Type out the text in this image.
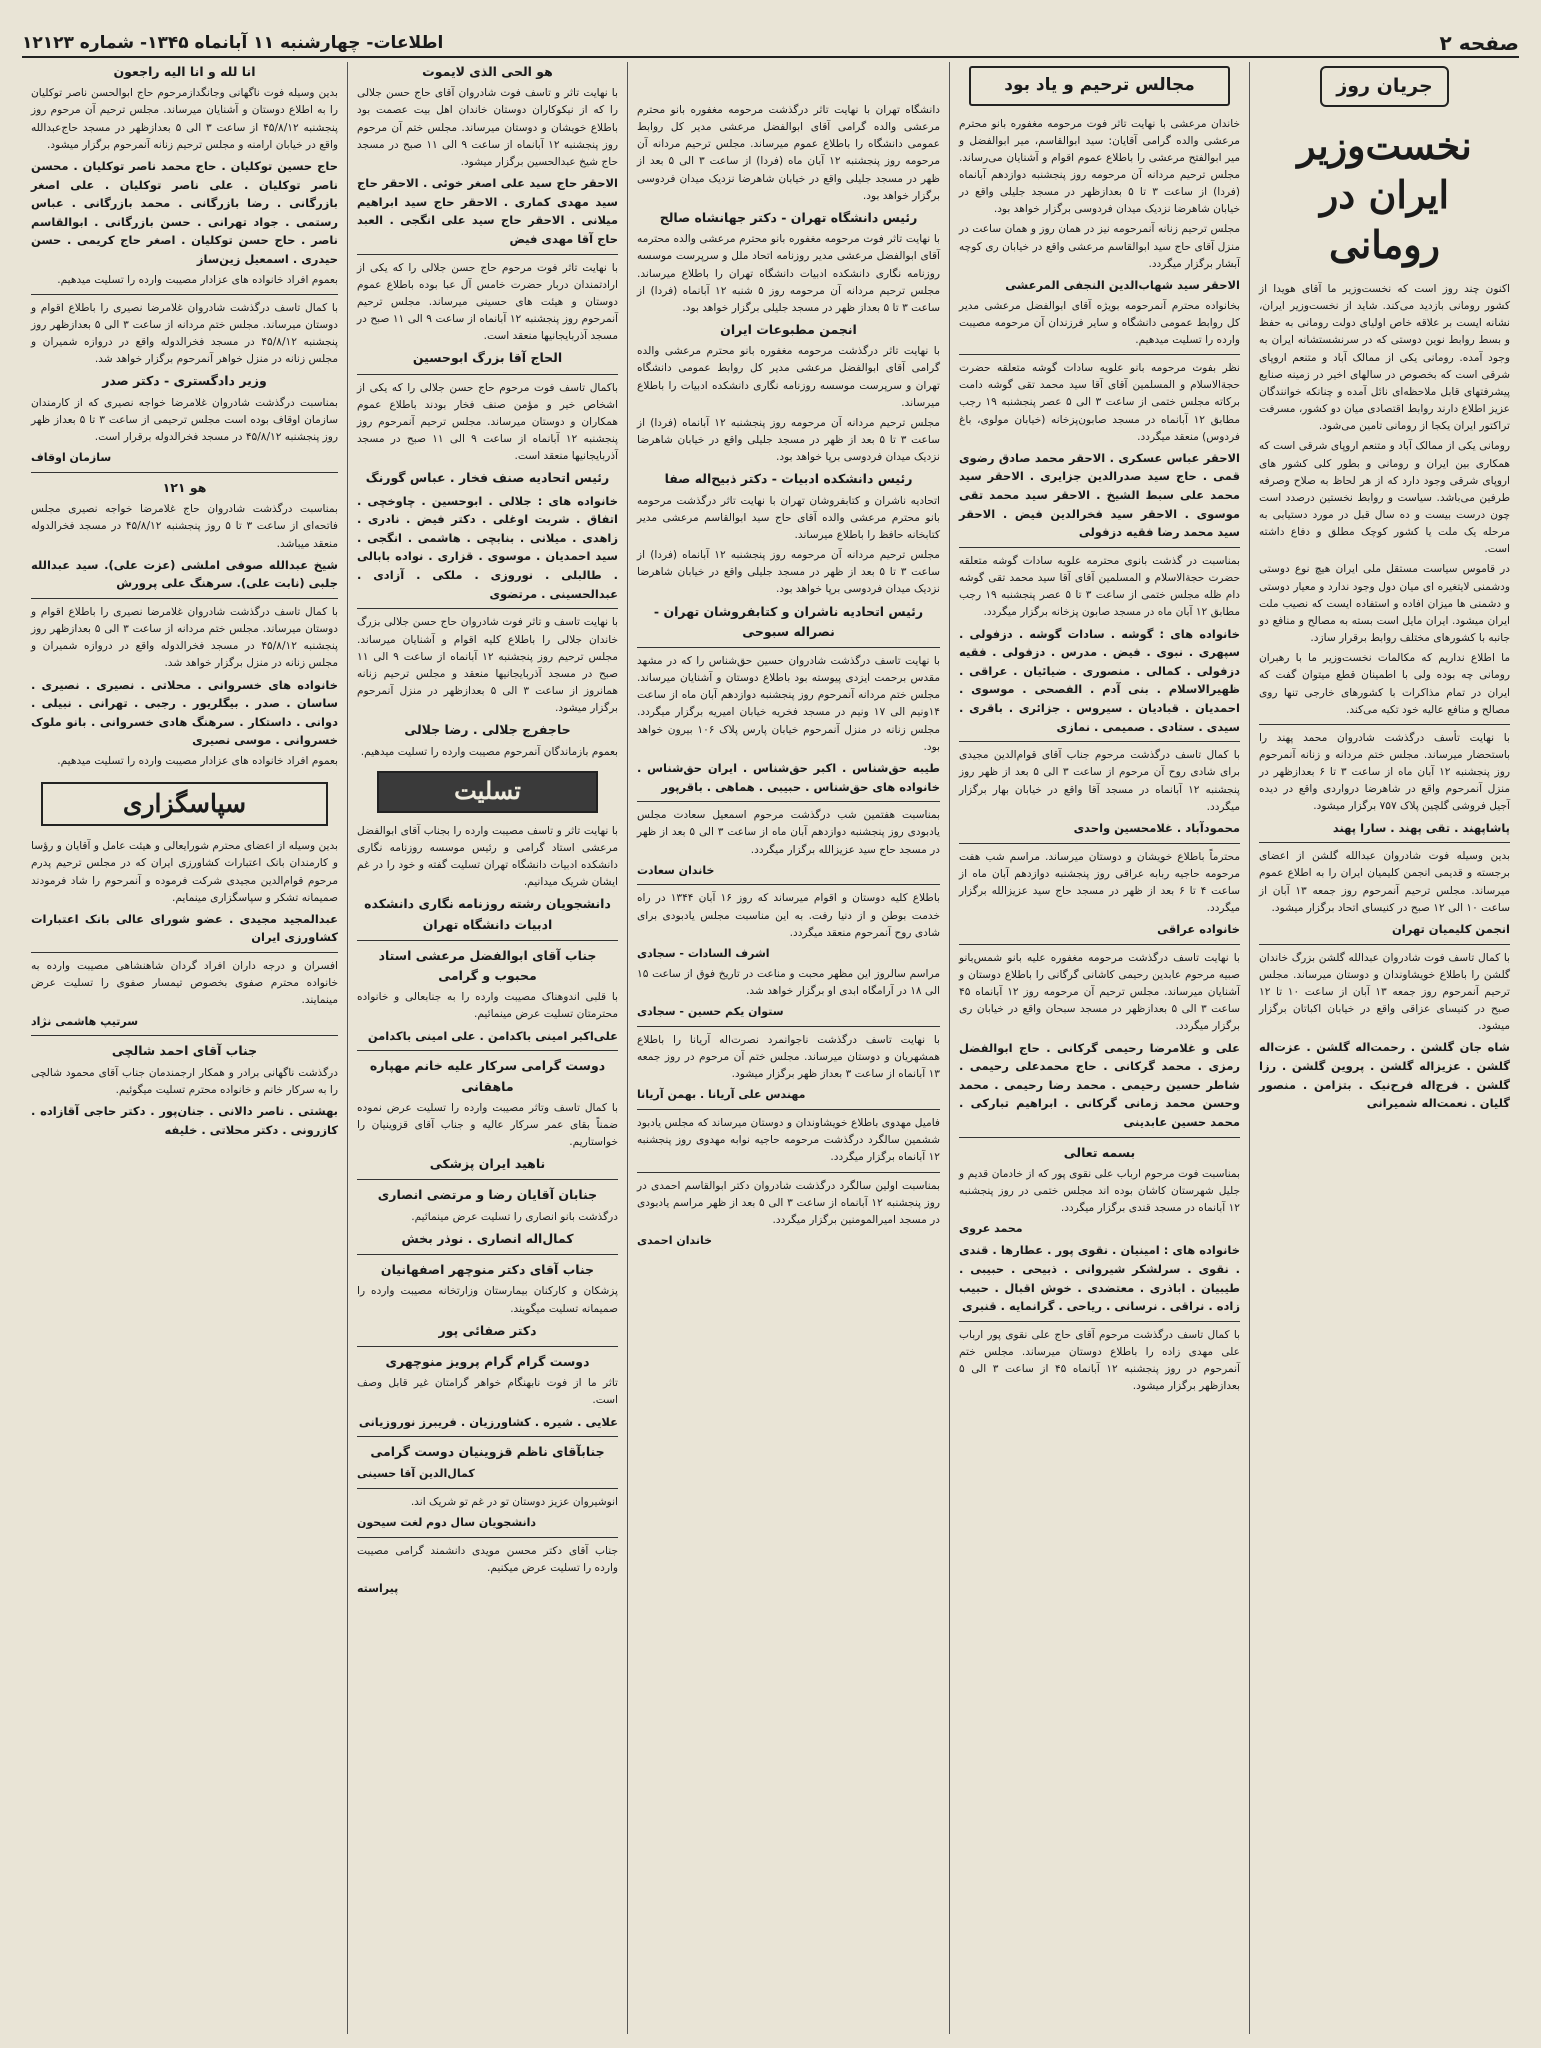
صفحه ۲
اطلاعات- چهارشنبه ۱۱ آبانماه ۱۳۴۵- شماره ۱۲۱۲۳
جریان روز
نخست‌وزیر ایران در رومانی

اکنون چند روز است که نخست‌وزیر ما آقای هویدا از کشور رومانی بازدید می‌کند. شاید از نخست‌وزیر ایران، نشانه ایست بر علاقه خاص اولیای دولت رومانی به حفظ و بسط روابط نوین دوستی که در سرنشستشانه ایران به وجود آمده. رومانی یکی از ممالک آباد و متنعم اروپای شرقی است که بخصوص در سالهای اخیر در زمینه صنایع پیشرفتهای قابل ملاحظه‌ای نائل آمده و چنانکه خوانندگان عزیز اطلاع دارند روابط اقتصادی میان دو کشور، مسرفت تراکتور ایران یکجا از رومانی تامین می‌شود.

رومانی یکی از ممالک آباد و متنعم اروپای شرقی است که همکاری بین ایران و رومانی و بطور کلی کشور های اروپای شرقی وجود دارد که از هر لحاظ به صلاح وصرفه طرفین می‌باشد. سیاست و روابط نخستین درصدد است چون درست بیست و ده سال قبل در مورد دستیابی به مرحله یک ملت یا کشور کوچک مطلق و دفاع داشته است.

در قاموس سیاست مستقل ملی ایران هیچ نوع دوستی ودشمنی لایتغیره ای میان دول وجود ندارد و معیار دوستی و دشمنی ها میزان افاده و استفاده ایست که نصیب ملت ایران میشود. ایران مایل است بسته به مصالح و منافع دو جانبه با کشورهای مختلف روابط برقرار سازد.

ما اطلاع نداریم که مکالمات نخست‌وزیر ما با رهبران رومانی چه بوده ولی با اطمینان قطع میتوان گفت که ایران در تمام مذاکرات با کشورهای خارجی تنها روی مصالح و منافع عالیه خود تکیه می‌کند.

با نهایت تأسف درگذشت شادروان محمد پهند را باستحضار میرساند. مجلس ختم مردانه و زنانه آنمرحوم روز پنجشنبه ۱۲ آبان ماه از ساعت ۳ تا ۶ بعدازظهر در منزل آنمرحوم واقع در شاهرضا درواردی واقع در دیده آجیل فروشی گلچین پلاک ۷۵۷ برگزار میشود.

پاشاپهند . تقی پهند . سارا پهند

بدین وسیله فوت شادروان عبدالله گلشن از اعضای برجسته و قدیمی انجمن کلیمیان ایران را به اطلاع عموم میرساند. مجلس ترحیم آنمرحوم روز جمعه ۱۳ آبان از ساعت ۱۰ الی ۱۲ صبح در کنیسای اتحاد برگزار میشود.

انجمن کلیمیان تهران

با کمال تاسف فوت شادروان عبدالله گلشن بزرگ خاندان گلشن را باطلاع خویشاوندان و دوستان میرساند. مجلس ترحیم آنمرحوم روز جمعه ۱۳ آبان از ساعت ۱۰ تا ۱۲ صبح در کنیسای عزاقی واقع در خیابان اکباتان برگزار میشود.

شاه جان گلشن . رحمت‌اله گلشن . عزت‌اله گلشن . عزیزاله گلشن . پروین گلشن . رزا گلشن . فرج‌اله فرح‌نیک . بتزامن . منصور گلیان . نعمت‌اله شمیرانی

مجالس ترحیم و یاد بود

خاندان مرعشی با نهایت تاثر فوت مرحومه مغفوره بانو محترم مرعشی والده گرامی آقایان: سید ابوالقاسم، میر ابوالفضل و میر ابوالفتح مرعشی را باطلاع عموم اقوام و آشنایان می‌رساند. مجلس ترحیم مردانه آن مرحومه روز پنجشنبه دوازدهم آبانماه (فردا) از ساعت ۳ تا ۵ بعدازظهر در مسجد جلیلی واقع در خیابان شاهرضا نزدیک میدان فردوسی برگزار خواهد بود.

مجلس ترحیم زنانه آنمرحومه نیز در همان روز و همان ساعت در منزل آقای حاج سید ابوالقاسم مرعشی واقع در خیابان ری کوچه آبشار برگزار میگردد.

الاحقر سید شهاب‌الدین النجفی المرعشی

بخانواده محترم آنمرحومه بویژه آقای ابوالفضل مرعشی مدیر کل روابط عمومی دانشگاه و سایر فرزندان آن مرحومه مصیبت وارده را تسلیت میدهیم.

نظر بفوت مرحومه بانو علویه سادات گوشه متعلقه حضرت حجة‌الاسلام و المسلمین آقای آقا سید محمد تقی گوشه دامت برکاته مجلس ختمی از ساعت ۳ الی ۵ عصر پنجشنبه ۱۹ رجب مطابق ۱۲ آبانماه در مسجد صابون‌پزخانه (خیابان مولوی، باغ فردوس) منعقد میگردد.

الاحقر عباس عسکری . الاحقر محمد صادق رضوی قمی . حاج سید صدرالدین جزایری . الاحقر سید محمد علی سبط الشیخ . الاحقر سید محمد تقی موسوی . الاحقر سید فخرالدین فیض . الاحقر سید محمد رضا فقیه دزفولی

بمناسبت در گذشت بانوی محترمه علویه سادات گوشه متعلقه حضرت حجة‌الاسلام و المسلمین آقای آقا سید محمد تقی گوشه دام ظله مجلس ختمی از ساعت ۳ تا ۵ عصر پنجشنبه ۱۹ رجب مطابق ۱۲ آبان ماه در مسجد صابون پزخانه برگزار میگردد.

خانواده های : گوشه . سادات گوشه . دزفولی . سپهری . نبوی . فیض . مدرس . دزفولی . فقیه دزفولی . کمالی . منصوری . ضیائیان . عراقی . ظهیرالاسلام . بنی آدم . الفصحی . موسوی . احمدیان . قبادیان . سیروس . جزائری . باقری . سیدی . ستادی . صمیمی . نمازی

با کمال تاسف درگذشت مرحوم جناب آقای قوام‌الدین مجیدی برای شادی روح آن مرحوم از ساعت ۳ الی ۵ بعد از ظهر روز پنجشنبه ۱۲ آبانماه در مسجد آقا واقع در خیابان بهار برگزار میگردد.

محمودآباد . غلامحسین واحدی

محترماً باطلاع خویشان و دوستان میرساند. مراسم شب هفت مرحومه حاجیه ربابه عراقی روز پنجشنبه دوازدهم آبان ماه از ساعت ۴ تا ۶ بعد از ظهر در مسجد حاج سید عزیزالله برگزار میگردد.

خانواده عراقی

با نهایت تاسف درگذشت مرحومه مغفوره علیه بانو شمس‌بانو صبیه مرحوم عابدین رحیمی کاشانی گرگانی را باطلاع دوستان و آشنایان میرساند. مجلس ترحیم آن مرحومه روز ۱۲ آبانماه ۴۵ ساعت ۳ الی ۵ بعدازظهر در مسجد سبحان واقع در خیابان ری برگزار میگردد.

علی و غلامرضا رحیمی گرکانی . حاج ابوالفضل رمزی . محمد گرکانی . حاج محمدعلی رحیمی . شاطر حسین رحیمی . محمد رضا رحیمی . محمد وحسن محمد زمانی گرکانی . ابراهیم تبارکی . محمد حسین عابدینی

بسمه تعالی

بمناسبت فوت مرحوم ارباب علی نقوی پور که از خادمان قدیم و جلیل شهرستان کاشان بوده اند مجلس ختمی در روز پنجشنبه ۱۲ آبانماه در مسجد قندی برگزار میگردد.

محمد عروی

خانواده های : امینیان . نقوی پور . عطارها . قندی . نقوی . سرلشکر شیروانی . ذبیحی . حبیبی . طیبیان . اباذری . معتضدی . خوش اقبال . حبیب زاده . نراقی . نرسانی . ریاحی . گرانمایه . قنبری

با کمال تاسف درگذشت مرحوم آقای حاج علی نقوی پور ارباب علی مهدی زاده را باطلاع دوستان میرساند. مجلس ختم آنمرحوم در روز پنجشنبه ۱۲ آبانماه ۴۵ از ساعت ۳ الی ۵ بعدازظهر برگزار میشود.

دانشگاه تهران با نهایت تاثر درگذشت مرحومه مغفوره بانو محترم مرعشی والده گرامی آقای ابوالفضل مرعشی مدیر کل روابط عمومی دانشگاه را باطلاع عموم میرساند. مجلس ترحیم مردانه آن مرحومه روز پنجشنبه ۱۲ آبان ماه (فردا) از ساعت ۳ الی ۵ بعد از ظهر در مسجد جلیلی واقع در خیابان شاهرضا نزدیک میدان فردوسی برگزار خواهد بود.

رئیس دانشگاه تهران - دکتر جهانشاه صالح

با نهایت تاثر فوت مرحومه مغفوره بانو محترم مرعشی والده محترمه آقای ابوالفضل مرعشی مدیر روزنامه اتحاد ملل و سرپرست موسسه روزنامه نگاری دانشکده ادبیات دانشگاه تهران را باطلاع میرساند. مجلس ترحیم مردانه آن مرحومه روز ۵ شنبه ۱۲ آبانماه (فردا) از ساعت ۳ تا ۵ بعداز ظهر در مسجد جلیلی برگزار خواهد بود.

انجمن مطبوعات ایران

با نهایت تاثر درگذشت مرحومه مغفوره بانو محترم مرعشی والده گرامی آقای ابوالفضل مرعشی مدیر کل روابط عمومی دانشگاه تهران و سرپرست موسسه روزنامه نگاری دانشکده ادبیات را باطلاع میرساند.

مجلس ترحیم مردانه آن مرحومه روز پنجشنبه ۱۲ آبانماه (فردا) از ساعت ۳ تا ۵ بعد از ظهر در مسجد جلیلی واقع در خیابان شاهرضا نزدیک میدان فردوسی برپا خواهد بود.

رئیس دانشکده ادبیات - دکتر ذبیح‌اله صفا

اتحادیه ناشران و کتابفروشان تهران با نهایت تاثر درگذشت مرحومه بانو محترم مرعشی والده آقای حاج سید ابوالقاسم مرعشی مدیر کتابخانه حافظ را باطلاع میرساند.

مجلس ترحیم مردانه آن مرحومه روز پنجشنبه ۱۲ آبانماه (فردا) از ساعت ۳ تا ۵ بعد از ظهر در مسجد جلیلی واقع در خیابان شاهرضا نزدیک میدان فردوسی برپا خواهد بود.

رئیس اتحادیه ناشران و کتابفروشان تهران - نصراله سبوحی

با نهایت تاسف درگذشت شادروان حسین حق‌شناس را که در مشهد مقدس برحمت ایزدی پیوسته بود باطلاع دوستان و آشنایان میرساند. مجلس ختم مردانه آنمرحوم روز پنجشنبه دوازدهم آبان ماه از ساعت ۱۴ونیم الی ۱۷ ونیم در مسجد فخریه خیابان امیریه برگزار میگردد. مجلس زنانه در منزل آنمرحوم خیابان پارس پلاک ۱۰۶ بیرون خواهد بود.

طیبه حق‌شناس . اکبر حق‌شناس . ایران حق‌شناس . خانواده های حق‌شناس . حبیبی . هماهی . باقرپور

بمناسبت هفتمین شب درگذشت مرحوم اسمعیل سعادت مجلس یادبودی روز پنجشنبه دوازدهم آبان ماه از ساعت ۳ الی ۵ بعد از ظهر در مسجد حاج سید عزیزالله برگزار میگردد.

خاندان سعادت

باطلاع کلیه دوستان و اقوام میرساند که روز ۱۶ آبان ۱۳۴۴ در راه خدمت بوطن و از دنیا رفت. به این مناسبت مجلس یادبودی برای شادی روح آنمرحوم منعقد میگردد.

اشرف السادات - سجادی

مراسم سالروز این مظهر محبت و مناعت در تاریخ فوق از ساعت ۱۵ الی ۱۸ در آرامگاه ابدی او برگزار خواهد شد.

ستوان یکم حسین - سجادی

با نهایت تاسف درگذشت ناجوانمرد نصرت‌اله آریانا را باطلاع همشهریان و دوستان میرساند. مجلس ختم آن مرحوم در روز جمعه ۱۳ آبانماه از ساعت ۳ بعداز ظهر برگزار میشود.

مهندس علی آریانا . بهمن آریانا

فامیل مهدوی باطلاع خویشاوندان و دوستان میرساند که مجلس یادبود ششمین سالگرد درگذشت مرحومه حاجیه نوابه مهدوی روز پنجشنبه ۱۲ آبانماه برگزار میگردد.

بمناسبت اولین سالگرد درگذشت شادروان دکتر ابوالقاسم احمدی در روز پنجشنبه ۱۲ آبانماه از ساعت ۳ الی ۵ بعد از ظهر مراسم یادبودی در مسجد امیرالمومنین برگزار میگردد.

خاندان احمدی

هو الحی الذی لایموت

با نهایت تاثر و تاسف فوت شادروان آقای حاج حسن جلالی را که از نیکوکاران دوستان خاندان اهل بیت عصمت بود باطلاع خویشان و دوستان میرساند. مجلس ختم آن مرحوم روز پنجشنبه ۱۲ آبانماه از ساعت ۹ الی ۱۱ صبح در مسجد حاج شیخ عبدالحسین برگزار میشود.

الاحقر حاج سید علی اصغر خوئی . الاحقر حاج سید مهدی کماری . الاحقر حاج سید ابراهیم میلانی . الاحقر حاج سید علی انگجی . العبد حاج آقا مهدی فیض

با نهایت تاثر فوت مرحوم حاج حسن جلالی را که یکی از ارادتمندان دربار حضرت خامس آل عبا بوده باطلاع عموم دوستان و هیئت های حسینی میرساند. مجلس ترحیم آنمرحوم روز پنجشنبه ۱۲ آبانماه از ساعت ۹ الی ۱۱ صبح در مسجد آذربایجانیها منعقد است.

الحاج آقا بزرگ ابوحسین

باکمال تاسف فوت مرحوم حاج حسن جلالی را که یکی از اشخاص خیر و مؤمن صنف فخار بودند باطلاع عموم همکاران و دوستان میرساند. مجلس ترحیم آنمرحوم روز پنجشنبه ۱۲ آبانماه از ساعت ۹ الی ۱۱ صبح در مسجد آذربایجانیها منعقد است.

رئیس اتحادیه صنف فخار . عباس گورنگ

خانواده های : جلالی . ابوحسین . چاوخچی . اتفاق . شربت اوغلی . دکتر فیض . نادری . زاهدی . میلانی . بنابچی . هاشمی . انگجی . سید احمدیان . موسوی . قزاری . نواده بابالی . طالبلی . نوروزی . ملکی . آزادی . عبدالحسینی . مرتضوی

با نهایت تاسف و تاثر فوت شادروان حاج حسن جلالی بزرگ خاندان جلالی را باطلاع کلیه اقوام و آشنایان میرساند. مجلس ترحیم روز پنجشنبه ۱۲ آبانماه از ساعت ۹ الی ۱۱ صبح در مسجد آذربایجانیها منعقد و مجلس ترحیم زنانه همانروز از ساعت ۳ الی ۵ بعدازظهر در منزل آنمرحوم برگزار میشود.

حاجفرج جلالی . رضا جلالی

بعموم بازماندگان آنمرحوم مصیبت وارده را تسلیت میدهیم.

تسلیت

با نهایت تاثر و تاسف مصیبت وارده را بجناب آقای ابوالفضل مرعشی استاد گرامی و رئیس موسسه روزنامه نگاری دانشکده ادبیات دانشگاه تهران تسلیت گفته و خود را در غم ایشان شریک میدانیم.

دانشجویان رشته روزنامه نگاری دانشکده ادبیات دانشگاه تهران

جناب آقای ابوالفضل مرعشی استاد محبوب و گرامی

با قلبی اندوهناک مصیبت وارده را به جنابعالی و خانواده محترمتان تسلیت عرض مینمائیم.

علی‌اکبر امینی باکدامن . علی امینی باکدامن

دوست گرامی سرکار علیه خانم مهپاره ماهقانی

با کمال تاسف وتاثر مصیبت وارده را تسلیت عرض نموده ضمناً بقای عمر سرکار عالیه و جناب آقای قزوینیان را خواستاریم.

ناهید ایران پزشکی

جنابان آقایان رضا و مرتضی انصاری

درگذشت بانو انصاری را تسلیت عرض مینمائیم.

کمال‌اله انصاری . نوذر بخش

جناب آقای دکتر منوچهر اصفهانیان

پزشکان و کارکنان بیمارستان وزارتخانه مصیبت وارده را صمیمانه تسلیت میگویند.

دکتر صفائی پور

دوست گرام گرام پرویز منوچهری

تاثر ما از فوت نابهنگام خواهر گرامتان غیر قابل وصف است.

علایی . شیره . کشاورزیان . فریبرز نوروزیانی

جنابآقای ناظم قزوینیان دوست گرامی

کمال‌الدین آقا حسینی

انوشیروان عزیز دوستان تو در غم تو شریک اند.

دانشجویان سال دوم لغت سیحون

جناب آقای دکتر محسن مویدی دانشمند گرامی مصیبت وارده را تسلیت عرض میکنیم.

پیراسته

انا لله و انا الیه راجعون

بدین وسیله فوت ناگهانی وجانگدازمرحوم حاج ابوالحسن ناصر توکلیان را به اطلاع دوستان و آشنایان میرساند. مجلس ترحیم آن مرحوم روز پنجشنبه ۴۵/۸/۱۲ از ساعت ۳ الی ۵ بعدازظهر در مسجد حاج‌عبدالله واقع در خیابان ارامنه و مجلس ترحیم زنانه آنمرحوم برگزار میشود.

حاج حسین توکلیان . حاج محمد ناصر توکلیان . محسن ناصر توکلیان . علی ناصر توکلیان . علی اصغر بازرگانی . رضا بازرگانی . محمد بازرگانی . عباس رستمی . جواد تهرانی . حسن بازرگانی . ابوالقاسم ناصر . حاج حسن توکلیان . اصغر حاج کریمی . حسن حیدری . اسمعیل زین‌ساز

بعموم افراد خانواده های عزادار مصیبت وارده را تسلیت میدهیم.

با کمال تاسف درگذشت شادروان غلامرضا نصیری را باطلاع اقوام و دوستان میرساند. مجلس ختم مردانه از ساعت ۳ الی ۵ بعدازظهر روز پنجشنبه ۴۵/۸/۱۲ در مسجد فخرالدوله واقع در دروازه شمیران و مجلس زنانه در منزل خواهر آنمرحوم برگزار خواهد شد.

وزیر دادگستری - دکتر صدر

بمناسبت درگذشت شادروان غلامرضا خواجه نصیری که از کارمندان سازمان اوقاف بوده است مجلس ترحیمی از ساعت ۳ تا ۵ بعداز ظهر روز پنجشنبه ۴۵/۸/۱۲ در مسجد فخرالدوله برقرار است.

سازمان اوقاف

هو ۱۲۱

بمناسبت درگذشت شادروان حاج غلامرضا خواجه نصیری مجلس فاتحه‌ای از ساعت ۳ تا ۵ روز پنجشنبه ۴۵/۸/۱۲ در مسجد فخرالدوله منعقد میباشد.

شیخ عبدالله صوفی املشی (عزت علی). سید عبدالله جلبی (نابت علی). سرهنگ علی پرورش

با کمال تاسف درگذشت شادروان غلامرضا نصیری را باطلاع اقوام و دوستان میرساند. مجلس ختم مردانه از ساعت ۳ الی ۵ بعدازظهر روز پنجشنبه ۴۵/۸/۱۲ در مسجد فخرالدوله واقع در دروازه شمیران و مجلس زنانه در منزل برگزار خواهد شد.

خانواده های خسروانی . محلاتی . نصیری . نصیری . ساسان . صدر . بیگلریور . رجبی . تهرانی . نبیلی . دوانی . داستکار . سرهنگ هادی خسروانی . بانو ملوک خسروانی . موسی نصیری

بعموم افراد خانواده های عزادار مصیبت وارده را تسلیت میدهیم.

سپاسگزاری

بدین وسیله از اعضای محترم شورایعالی و هیئت عامل و آقایان و رؤسا و کارمندان بانک اعتبارات کشاورزی ایران که در مجلس ترحیم پدرم مرحوم قوام‌الدین مجیدی شرکت فرموده و آنمرحوم را شاد فرمودند صمیمانه تشکر و سپاسگزاری مینمایم.

عبدالمجید مجیدی . عضو شورای عالی بانک اعتبارات کشاورزی ایران

افسران و درجه داران افراد گردان شاهنشاهی مصیبت وارده به خانواده محترم صفوی بخصوص تیمسار صفوی را تسلیت عرض مینمایند.

سرتیپ هاشمی نژاد

جناب آقای احمد شالچی

درگذشت ناگهانی برادر و همکار ارجمندمان جناب آقای محمود شالچی را به سرکار خانم و خانواده محترم تسلیت میگوئیم.

بهشتی . ناصر دالانی . جنان‌پور . دکتر حاجی آقازاده . کازرونی . دکتر محلاتی . خلیفه
